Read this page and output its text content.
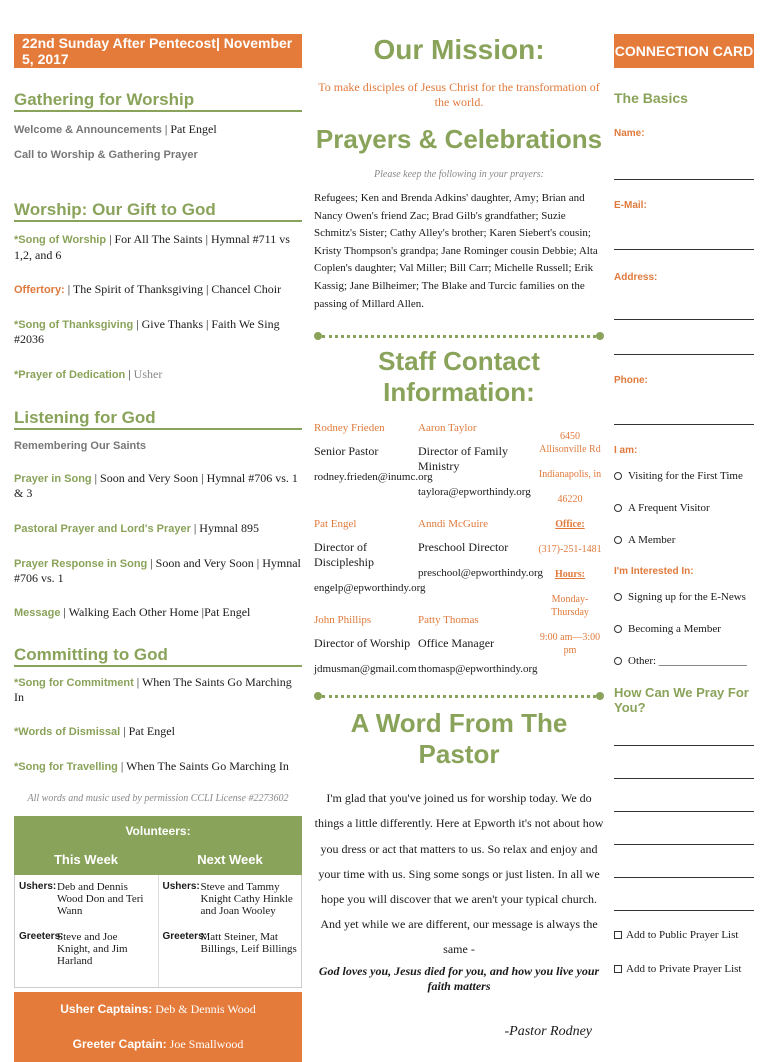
22nd Sunday After Pentecost| November 5, 2017
Gathering for Worship
Welcome & Announcements | Pat Engel
Call to Worship & Gathering Prayer
Worship: Our Gift to God
*Song of Worship | For All The Saints | Hymnal #711 vs 1,2, and 6
Offertory: | The Spirit of Thanksgiving | Chancel Choir
*Song of Thanksgiving | Give Thanks | Faith We Sing #2036
*Prayer of Dedication | Usher
Listening for God
Remembering Our Saints
Prayer in Song | Soon and Very Soon | Hymnal #706 vs. 1 & 3
Pastoral Prayer and Lord's Prayer | Hymnal 895
Prayer Response in Song | Soon and Very Soon | Hymnal #706 vs. 1
Message | Walking Each Other Home |Pat Engel
Committing to God
*Song for Commitment | When The Saints Go Marching In
*Words of Dismissal | Pat Engel
*Song for Travelling | When The Saints Go Marching In
All words and music used by permission CCLI License #2273602
Volunteers:
This Week	Next Week
Ushers: Deb and Dennis Wood Don and Teri Wann
Greeters:
Steve and Joe Knight, and Jim Harland
Ushers: Steve and Tammy Knight Cathy Hinkle and Joan Wooley
Greeters:
Matt Steiner, Mat Billings, Leif Billings
Usher Captains: Deb & Dennis Wood
Greeter Captain: Joe Smallwood
Our Mission:
To make disciples of Jesus Christ for the transformation of the world.
Prayers & Celebrations
Please keep the following in your prayers:
Refugees; Ken and Brenda Adkins' daughter, Amy; Brian and Nancy Owen's friend Zac; Brad Gilb's grandfather; Suzie Schmitz's Sister; Cathy Alley's brother; Karen Siebert's cousin; Kristy Thompson's grandpa; Jane Rominger cousin Debbie; Alta Coplen's daughter; Val Miller; Bill Carr; Michelle Russell; Erik Kassig; Jane Bilheimer; The Blake and Turcic families on the passing of Millard Allen.
Staff Contact Information:
Rodney Frieden
Senior Pastor
rodney.frieden@inumc.org
Aaron Taylor
Director of Family Ministry
taylora@epworthindy.org
6450 Allisonville Rd
Indianapolis, in
46220
Office:
(317)-251-1481
Hours:
Monday-Thursday
9:00 am—3:00 pm
Pat Engel
Director of Discipleship
engelp@epworthindy.org
Anndi McGuire
Preschool Director
preschool@epworthindy.org
John Phillips
Director of Worship
jdmusman@gmail.com
Patty Thomas
Office Manager
thomasp@epworthindy.org
A Word From The Pastor
I'm glad that you've joined us for worship today. We do things a little differently. Here at Epworth it's not about how you dress or act that matters to us. So relax and enjoy and your time with us. Sing some songs or just listen. In all we hope you will discover that we aren't your typical church. And yet while we are different, our message is always the same -
God loves you, Jesus died for you, and how you live your faith matters
-Pastor Rodney
CONNECTION CARD
The Basics
Name:
E-Mail:
Address:
Phone:
I am:
Visiting for the First Time
A Frequent Visitor
A Member
I'm Interested In:
Signing up for the E-News
Becoming a Member
Other: ________________
How Can We Pray For You?
Add to Public Prayer List
Add to Private Prayer List
